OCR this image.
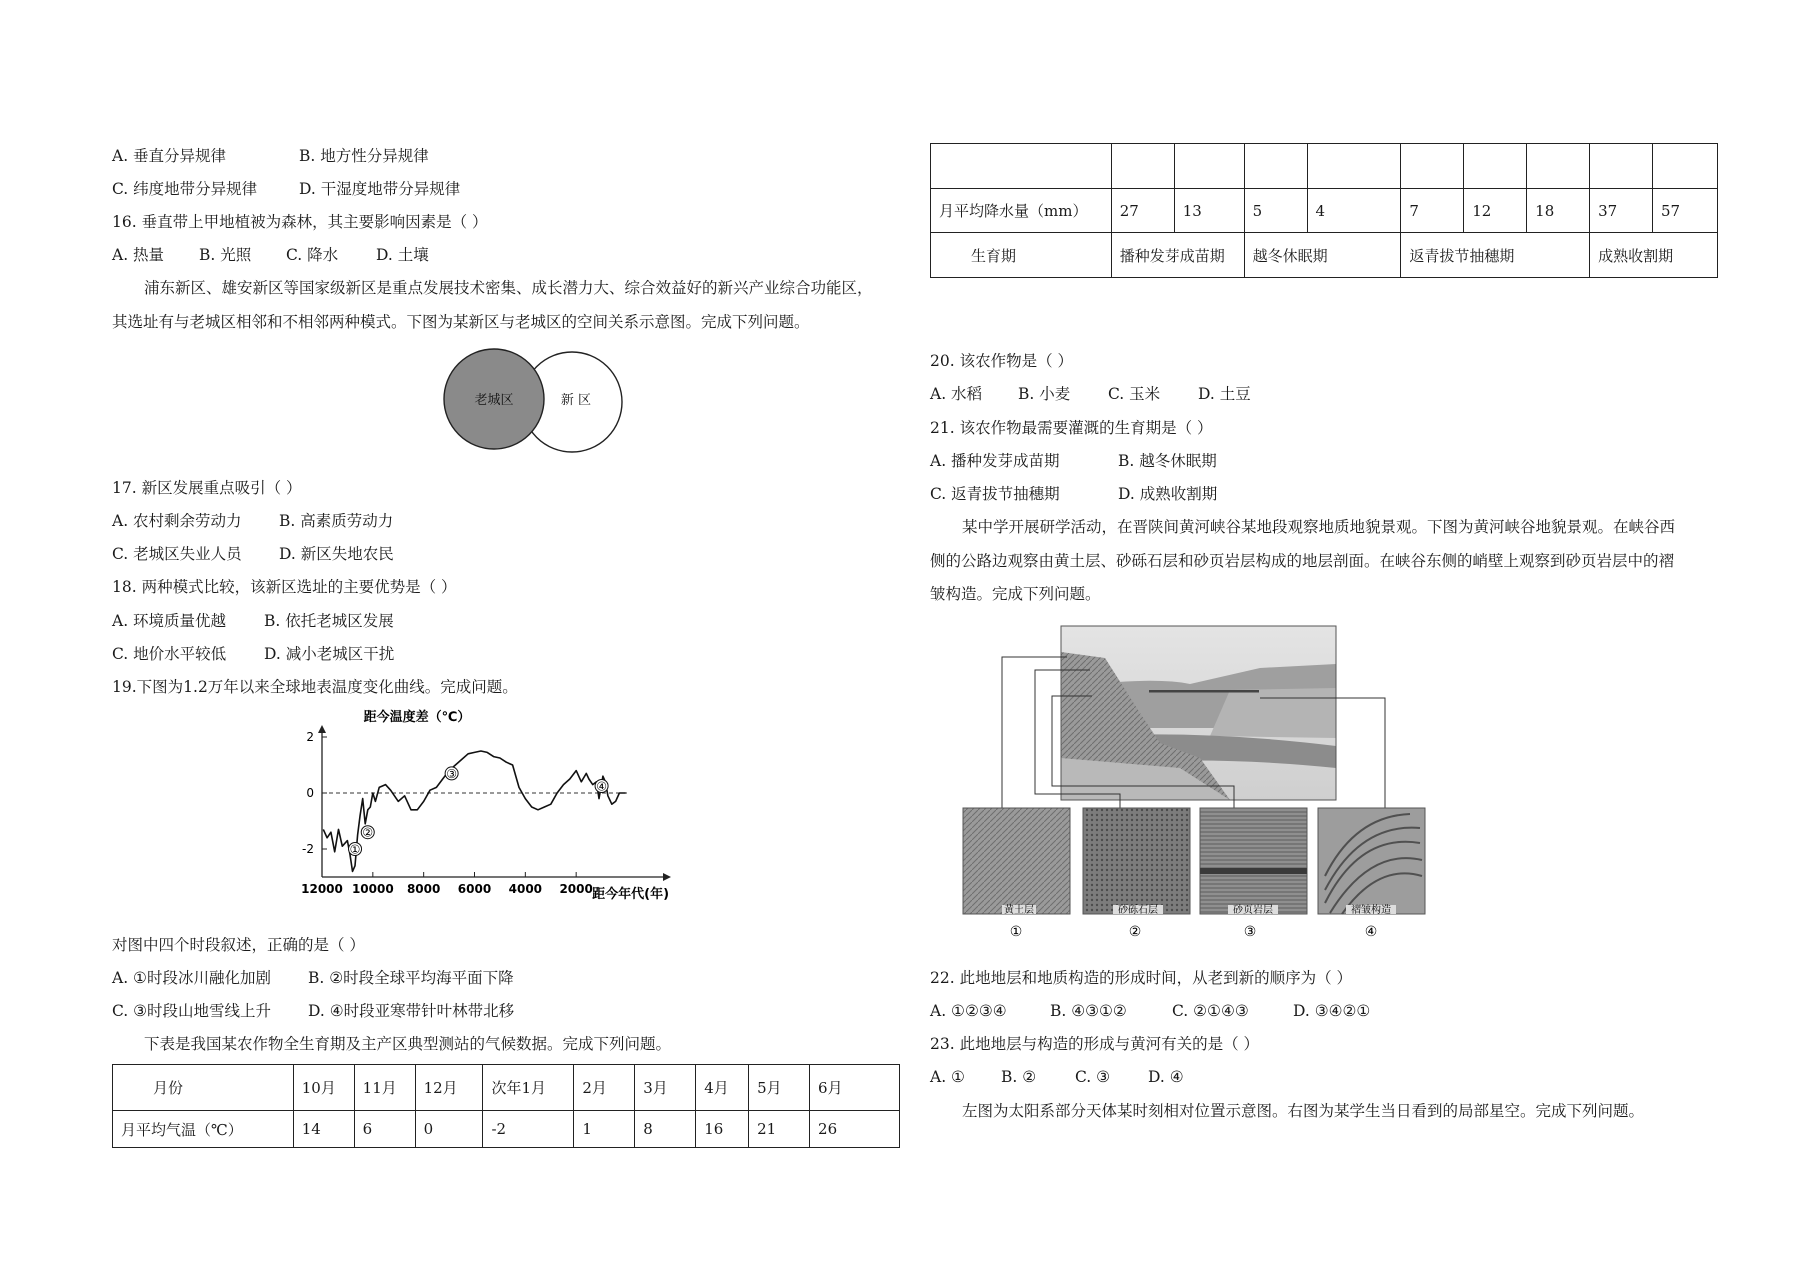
A. 垂直分异规律	B. 地方性分异规律
C. 纬度地带分异规律	D. 干湿度地带分异规律
16. 垂直带上甲地植被为森林，其主要影响因素是（ ）
A. 热量 B. 光照 C. 降水 D. 土壤
浦东新区、雄安新区等国家级新区是重点发展技术密集、成长潜力大、综合效益好的新兴产业综合功能区，
其选址有与老城区相邻和不相邻两种模式。下图为某新区与老城区的空间关系示意图。完成下列问题。
老城区	新 区
17. 新区发展重点吸引（ ）
A. 农村剩余劳动力 B. 高素质劳动力
C. 老城区失业人员 D. 新区失地农民
18. 两种模式比较，该新区选址的主要优势是（ ）
A. 环境质量优越 B. 依托老城区发展
C. 地价水平较低 D. 减小老城区干扰
19.下图为1.2万年以来全球地表温度变化曲线。完成问题。
距今温度差（℃）
2
0
-2
12000 10000 8000 6000 4000 2000
①
②
③
④
距今年代(年)
对图中四个时段叙述，正确的是（ ）
A. ①时段冰川融化加剧 B. ②时段全球平均海平面下降
C. ③时段山地雪线上升 D. ④时段亚寒带针叶林带北移
下表是我国某农作物全生育期及主产区典型测站的气候数据。完成下列问题。
月份	10月	11月	12月	次年1月	2月	3月	4月	5月	6月
月平均气温（℃）	14	6	0	-2	1	8	16	21	26

月平均降水量（mm）	27	13	5	4	7	12	18	37	57
生育期	播种发芽成苗期		越冬休眠期		返青拔节抽穗期			成熟收割期	
20. 该农作物是（ ）
A. 水稻 B. 小麦 C. 玉米 D. 土豆
21. 该农作物最需要灌溉的生育期是（ ）
A. 播种发芽成苗期	B. 越冬休眠期
C. 返青拔节抽穗期	D. 成熟收割期
某中学开展研学活动，在晋陕间黄河峡谷某地段观察地质地貌景观。下图为黄河峡谷地貌景观。在峡谷西
侧的公路边观察由黄土层、砂砾石层和砂页岩层构成的地层剖面。在峡谷东侧的峭壁上观察到砂页岩层中的褶
皱构造。完成下列问题。
黄土层
①
砂砾石层
②
砂页岩层
③
褶皱构造
④
22. 此地地层和地质构造的形成时间，从老到新的顺序为（ ）
A. ①②③④	B. ④③①②	C. ②①④③	D. ③④②①
23. 此地地层与构造的形成与黄河有关的是（ ）
A. ① B. ②	C. ③ D. ④
左图为太阳系部分天体某时刻相对位置示意图。右图为某学生当日看到的局部星空。完成下列问题。
